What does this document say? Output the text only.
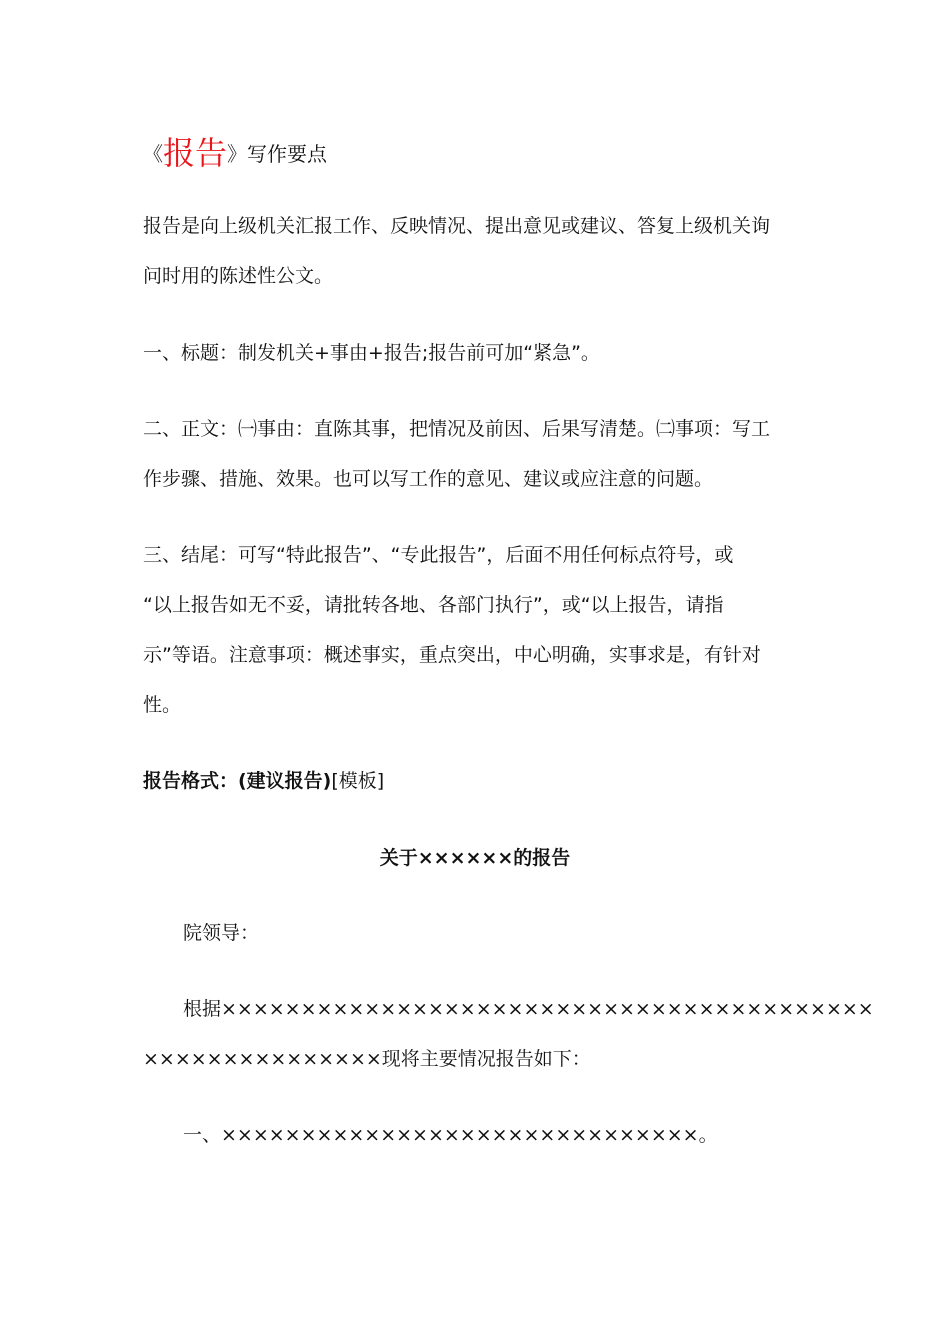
《报告》写作要点
报告是向上级机关汇报工作、反映情况、提出意见或建议、答复上级机关询
问时用的陈述性公文。
一、标题：制发机关+事由+报告;报告前可加“紧急”。
二、正文：㈠事由：直陈其事，把情况及前因、后果写清楚。㈡事项：写工
作步骤、措施、效果。也可以写工作的意见、建议或应注意的问题。
三、结尾：可写“特此报告”、“专此报告”，后面不用任何标点符号，或
“以上报告如无不妥，请批转各地、各部门执行”，或“以上报告，请指
示”等语。注意事项：概述事实，重点突出，中心明确，实事求是，有针对
性。
报告格式：(建议报告)[模板]
关于××××××的报告
院领导：
根据×××××××××××××××××××××××××××××××××××××××××
×××××××××××××××现将主要情况报告如下：
一、××××××××××××××××××××××××××××××。
